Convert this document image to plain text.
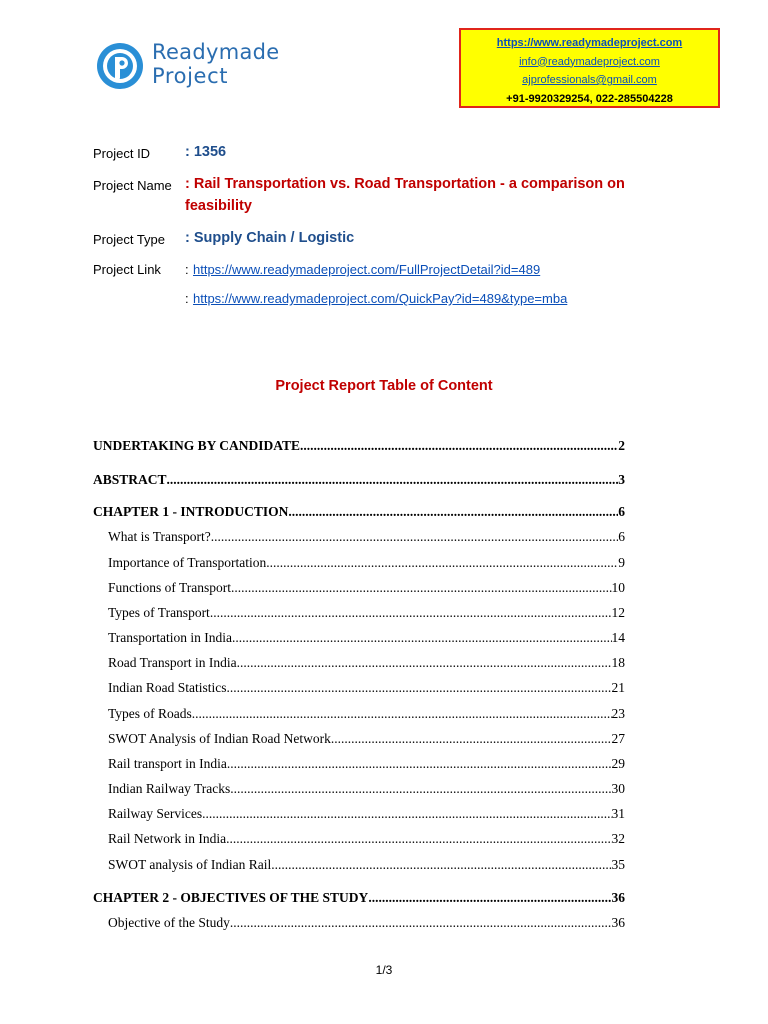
Readymade
Project
https://www.readymadeproject.com
info@readymadeproject.com
ajprofessionals@gmail.com
+91-9920329254, 022-285504228
Project ID : 1356
Project Name : Rail Transportation vs. Road Transportation - a comparison on
feasibility
Project Type : Supply Chain / Logistic
Project Link : https://www.readymadeproject.com/FullProjectDetail?id=489
: https://www.readymadeproject.com/QuickPay?id=489&type=mba
Project Report Table of Content
UNDERTAKING BY CANDIDATE .....	2
ABSTRACT .....	3
CHAPTER 1 - INTRODUCTION .....	6
What is Transport? .....	6
Importance of Transportation .....	9
Functions of Transport .....	10
Types of Transport .....	12
Transportation in India .....	14
Road Transport in India .....	18
Indian Road Statistics .....	21
Types of Roads .....	23
SWOT Analysis of Indian Road Network .....	27
Rail transport in India .....	29
Indian Railway Tracks .....	30
Railway Services .....	31
Rail Network in India .....	32
SWOT analysis of Indian Rail .....	35
CHAPTER 2 - OBJECTIVES OF THE STUDY .....	36
Objective of the Study .....	36
1/3
